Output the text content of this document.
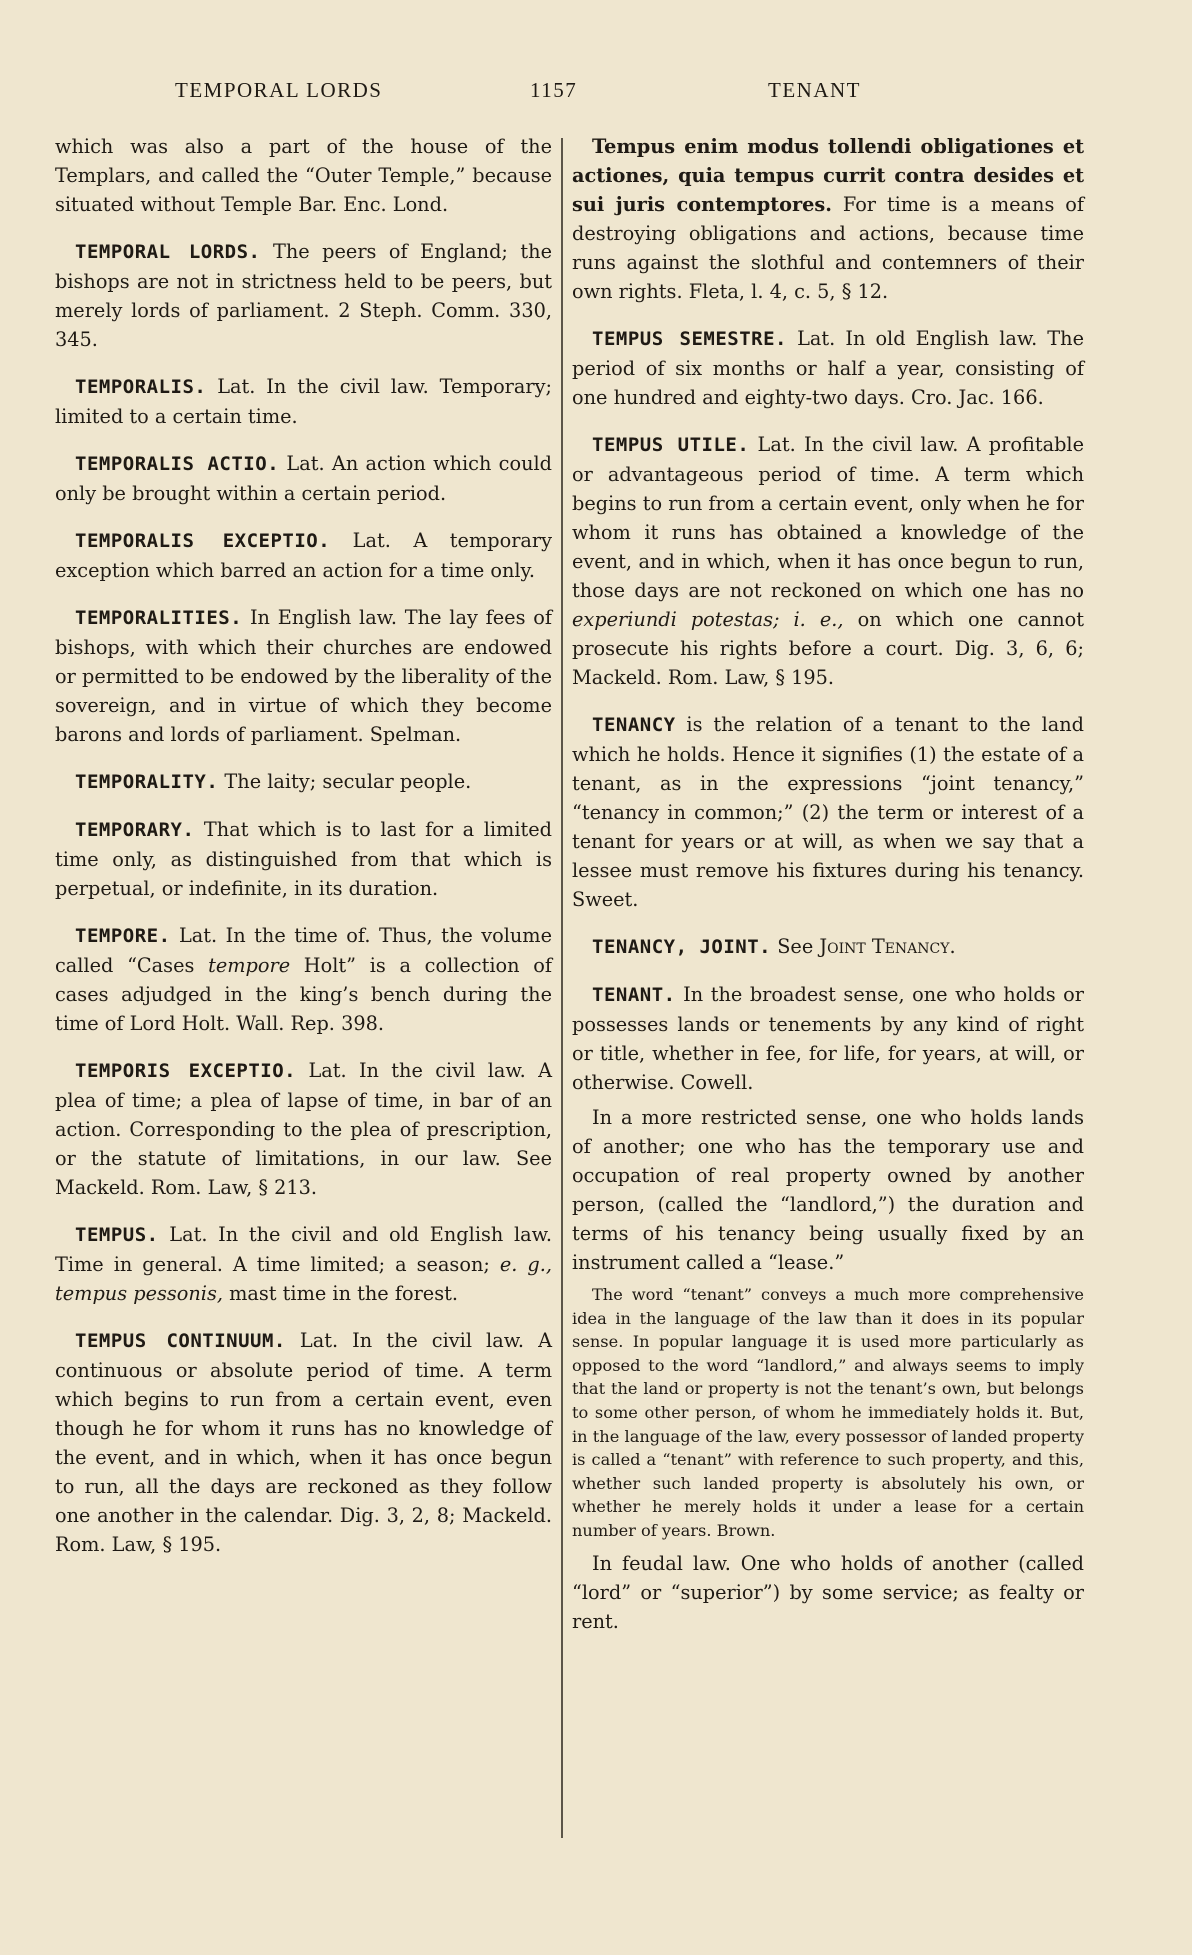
TEMPORAL LORDS	1157	TENANT

which was also a part of the house of the Templars, and called the “Outer Temple,” because situated without Temple Bar. Enc. Lond.

TEMPORAL LORDS. The peers of England; the bishops are not in strictness held to be peers, but merely lords of parliament. 2 Steph. Comm. 330, 345.

TEMPORALIS. Lat. In the civil law. Temporary; limited to a certain time.

TEMPORALIS ACTIO. Lat. An action which could only be brought within a certain period.

TEMPORALIS EXCEPTIO. Lat. A temporary exception which barred an action for a time only.

TEMPORALITIES. In English law. The lay fees of bishops, with which their churches are endowed or permitted to be endowed by the liberality of the sovereign, and in virtue of which they become barons and lords of parliament. Spelman.

TEMPORALITY. The laity; secular people.

TEMPORARY. That which is to last for a limited time only, as distinguished from that which is perpetual, or indefinite, in its duration.

TEMPORE. Lat. In the time of. Thus, the volume called “Cases tempore Holt” is a collection of cases adjudged in the king’s bench during the time of Lord Holt. Wall. Rep. 398.

TEMPORIS EXCEPTIO. Lat. In the civil law. A plea of time; a plea of lapse of time, in bar of an action. Corresponding to the plea of prescription, or the statute of limitations, in our law. See Mackeld. Rom. Law, § 213.

TEMPUS. Lat. In the civil and old English law. Time in general. A time limited; a season; e. g., tempus pessonis, mast time in the forest.

TEMPUS CONTINUUM. Lat. In the civil law. A continuous or absolute period of time. A term which begins to run from a certain event, even though he for whom it runs has no knowledge of the event, and in which, when it has once begun to run, all the days are reckoned as they follow one another in the calendar. Dig. 3, 2, 8; Mackeld. Rom. Law, § 195.

Tempus enim modus tollendi obligationes et actiones, quia tempus currit contra desides et sui juris contemptores. For time is a means of destroying obligations and actions, because time runs against the slothful and contemners of their own rights. Fleta, l. 4, c. 5, § 12.

TEMPUS SEMESTRE. Lat. In old English law. The period of six months or half a year, consisting of one hundred and eighty-two days. Cro. Jac. 166.

TEMPUS UTILE. Lat. In the civil law. A profitable or advantageous period of time. A term which begins to run from a certain event, only when he for whom it runs has obtained a knowledge of the event, and in which, when it has once begun to run, those days are not reckoned on which one has no experiundi potestas; i. e., on which one cannot prosecute his rights before a court. Dig. 3, 6, 6; Mackeld. Rom. Law, § 195.

TENANCY is the relation of a tenant to the land which he holds. Hence it signifies (1) the estate of a tenant, as in the expressions “joint tenancy,” “tenancy in common;” (2) the term or interest of a tenant for years or at will, as when we say that a lessee must remove his fixtures during his tenancy. Sweet.

TENANCY, JOINT. See Joint Tenancy.

TENANT. In the broadest sense, one who holds or possesses lands or tenements by any kind of right or title, whether in fee, for life, for years, at will, or otherwise. Cowell.

In a more restricted sense, one who holds lands of another; one who has the temporary use and occupation of real property owned by another person, (called the “landlord,”) the duration and terms of his tenancy being usually fixed by an instrument called a “lease.”

The word “tenant” conveys a much more comprehensive idea in the language of the law than it does in its popular sense. In popular language it is used more particularly as opposed to the word “landlord,” and always seems to imply that the land or property is not the tenant’s own, but belongs to some other person, of whom he immediately holds it. But, in the language of the law, every possessor of landed property is called a “tenant” with reference to such property, and this, whether such landed property is absolutely his own, or whether he merely holds it under a lease for a certain number of years. Brown.

In feudal law. One who holds of another (called “lord” or “superior”) by some service; as fealty or rent.
